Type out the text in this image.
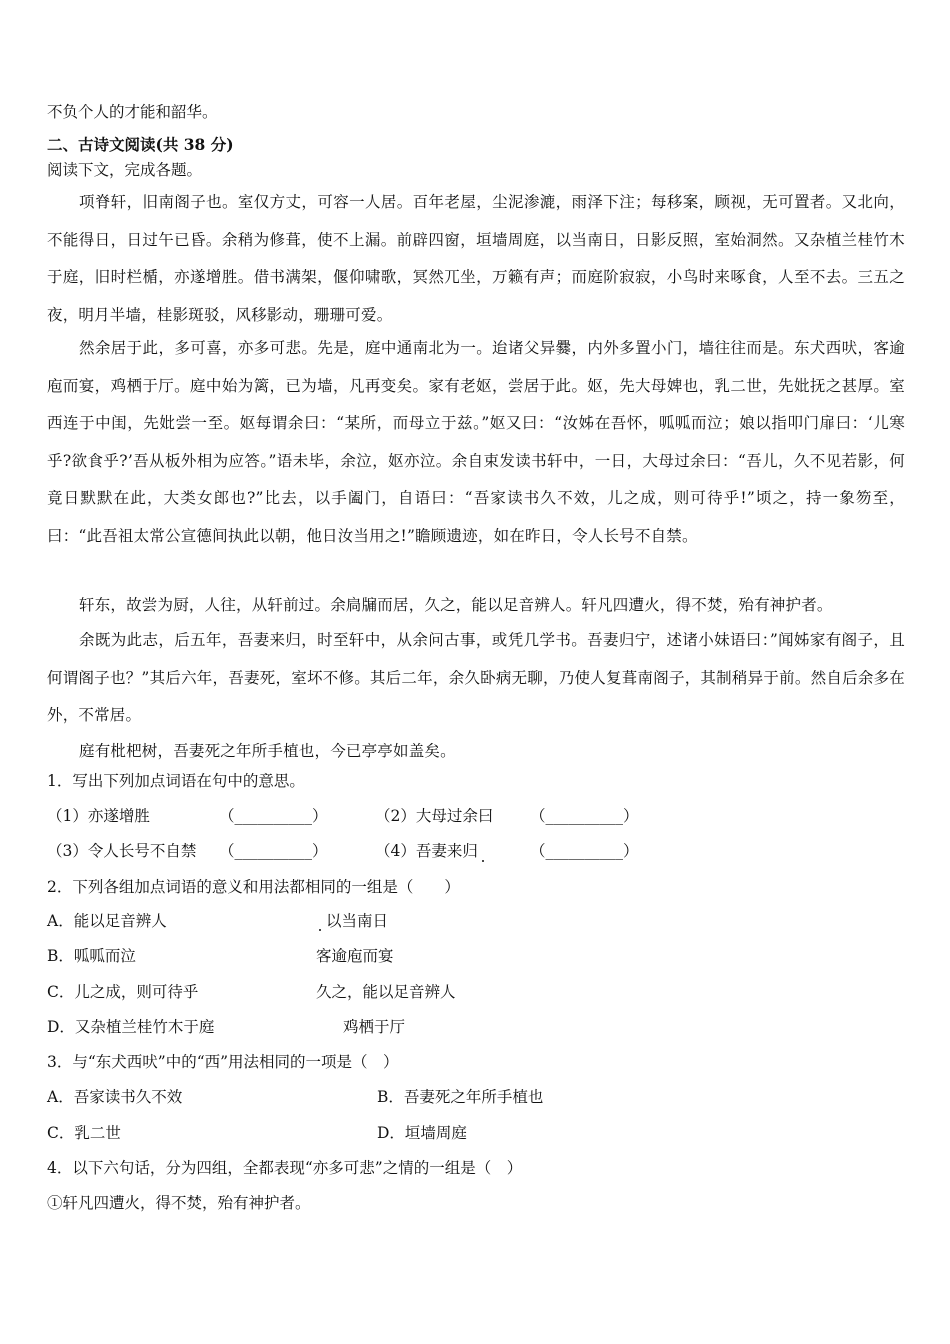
不负个人的才能和韶华。
二、古诗文阅读(共 38 分)
阅读下文，完成各题。
项脊轩，旧南阁子也。室仅方丈，可容一人居。百年老屋，尘泥渗漉，雨泽下注；每移案，顾视，无可置者。又北向，不能得日，日过午已昏。余稍为修葺，使不上漏。前辟四窗，垣墙周庭，以当南日，日影反照，室始洞然。又杂植兰桂竹木于庭，旧时栏楯，亦遂增胜。借书满架，偃仰啸歌，冥然兀坐，万籁有声；而庭阶寂寂，小鸟时来啄食，人至不去。三五之夜，明月半墙，桂影斑驳，风移影动，珊珊可爱。
然余居于此，多可喜，亦多可悲。先是，庭中通南北为一。迨诸父异爨，内外多置小门，墙往往而是。东犬西吠，客逾庖而宴，鸡栖于厅。庭中始为篱，已为墙，凡再变矣。家有老妪，尝居于此。妪，先大母婢也，乳二世，先妣抚之甚厚。室西连于中闺，先妣尝一至。妪每谓余曰：“某所，而母立于兹。”妪又曰：“汝姊在吾怀，呱呱而泣；娘以指叩门扉曰：‘儿寒乎?欲食乎?’吾从板外相为应答。”语未毕，余泣，妪亦泣。余自束发读书轩中，一日，大母过余曰：“吾儿，久不见若影，何竟日默默在此，大类女郎也?”比去，以手阖门，自语曰：“吾家读书久不效，儿之成，则可待乎!”顷之，持一象笏至，曰：“此吾祖太常公宣德间执此以朝，他日汝当用之!”瞻顾遗迹，如在昨日，令人长号不自禁。
轩东，故尝为厨，人往，从轩前过。余扃牖而居，久之，能以足音辨人。轩凡四遭火，得不焚，殆有神护者。
余既为此志，后五年，吾妻来归，时至轩中，从余问古事，或凭几学书。吾妻归宁，述诸小妹语曰：”闻姊家有阁子，且何谓阁子也？”其后六年，吾妻死，室坏不修。其后二年，余久卧病无聊，乃使人复葺南阁子，其制稍异于前。然自后余多在外，不常居。
庭有枇杷树，吾妻死之年所手植也，今已亭亭如盖矣。
1．写出下列加点词语在句中的意思。
（1）亦遂增胜	（__________）	（2）大母过余曰 （__________）
（3）令人长号不自禁 （__________）	（4）吾妻来归	（__________）
2．下列各组加点词语的意义和用法都相同的一组是（　　）
A．能以足音辨人	以当南日
B．呱呱而泣	客逾庖而宴
C．儿之成，则可待乎	久之，能以足音辨人
D．又杂植兰桂竹木于庭	鸡栖于厅
3．与“东犬西吠”中的“西”用法相同的一项是（　）
A．吾家读书久不效	B．吾妻死之年所手植也
C．乳二世	D．垣墙周庭
4．以下六句话，分为四组，全都表现“亦多可悲”之情的一组是（　）
①轩凡四遭火，得不焚，殆有神护者。
